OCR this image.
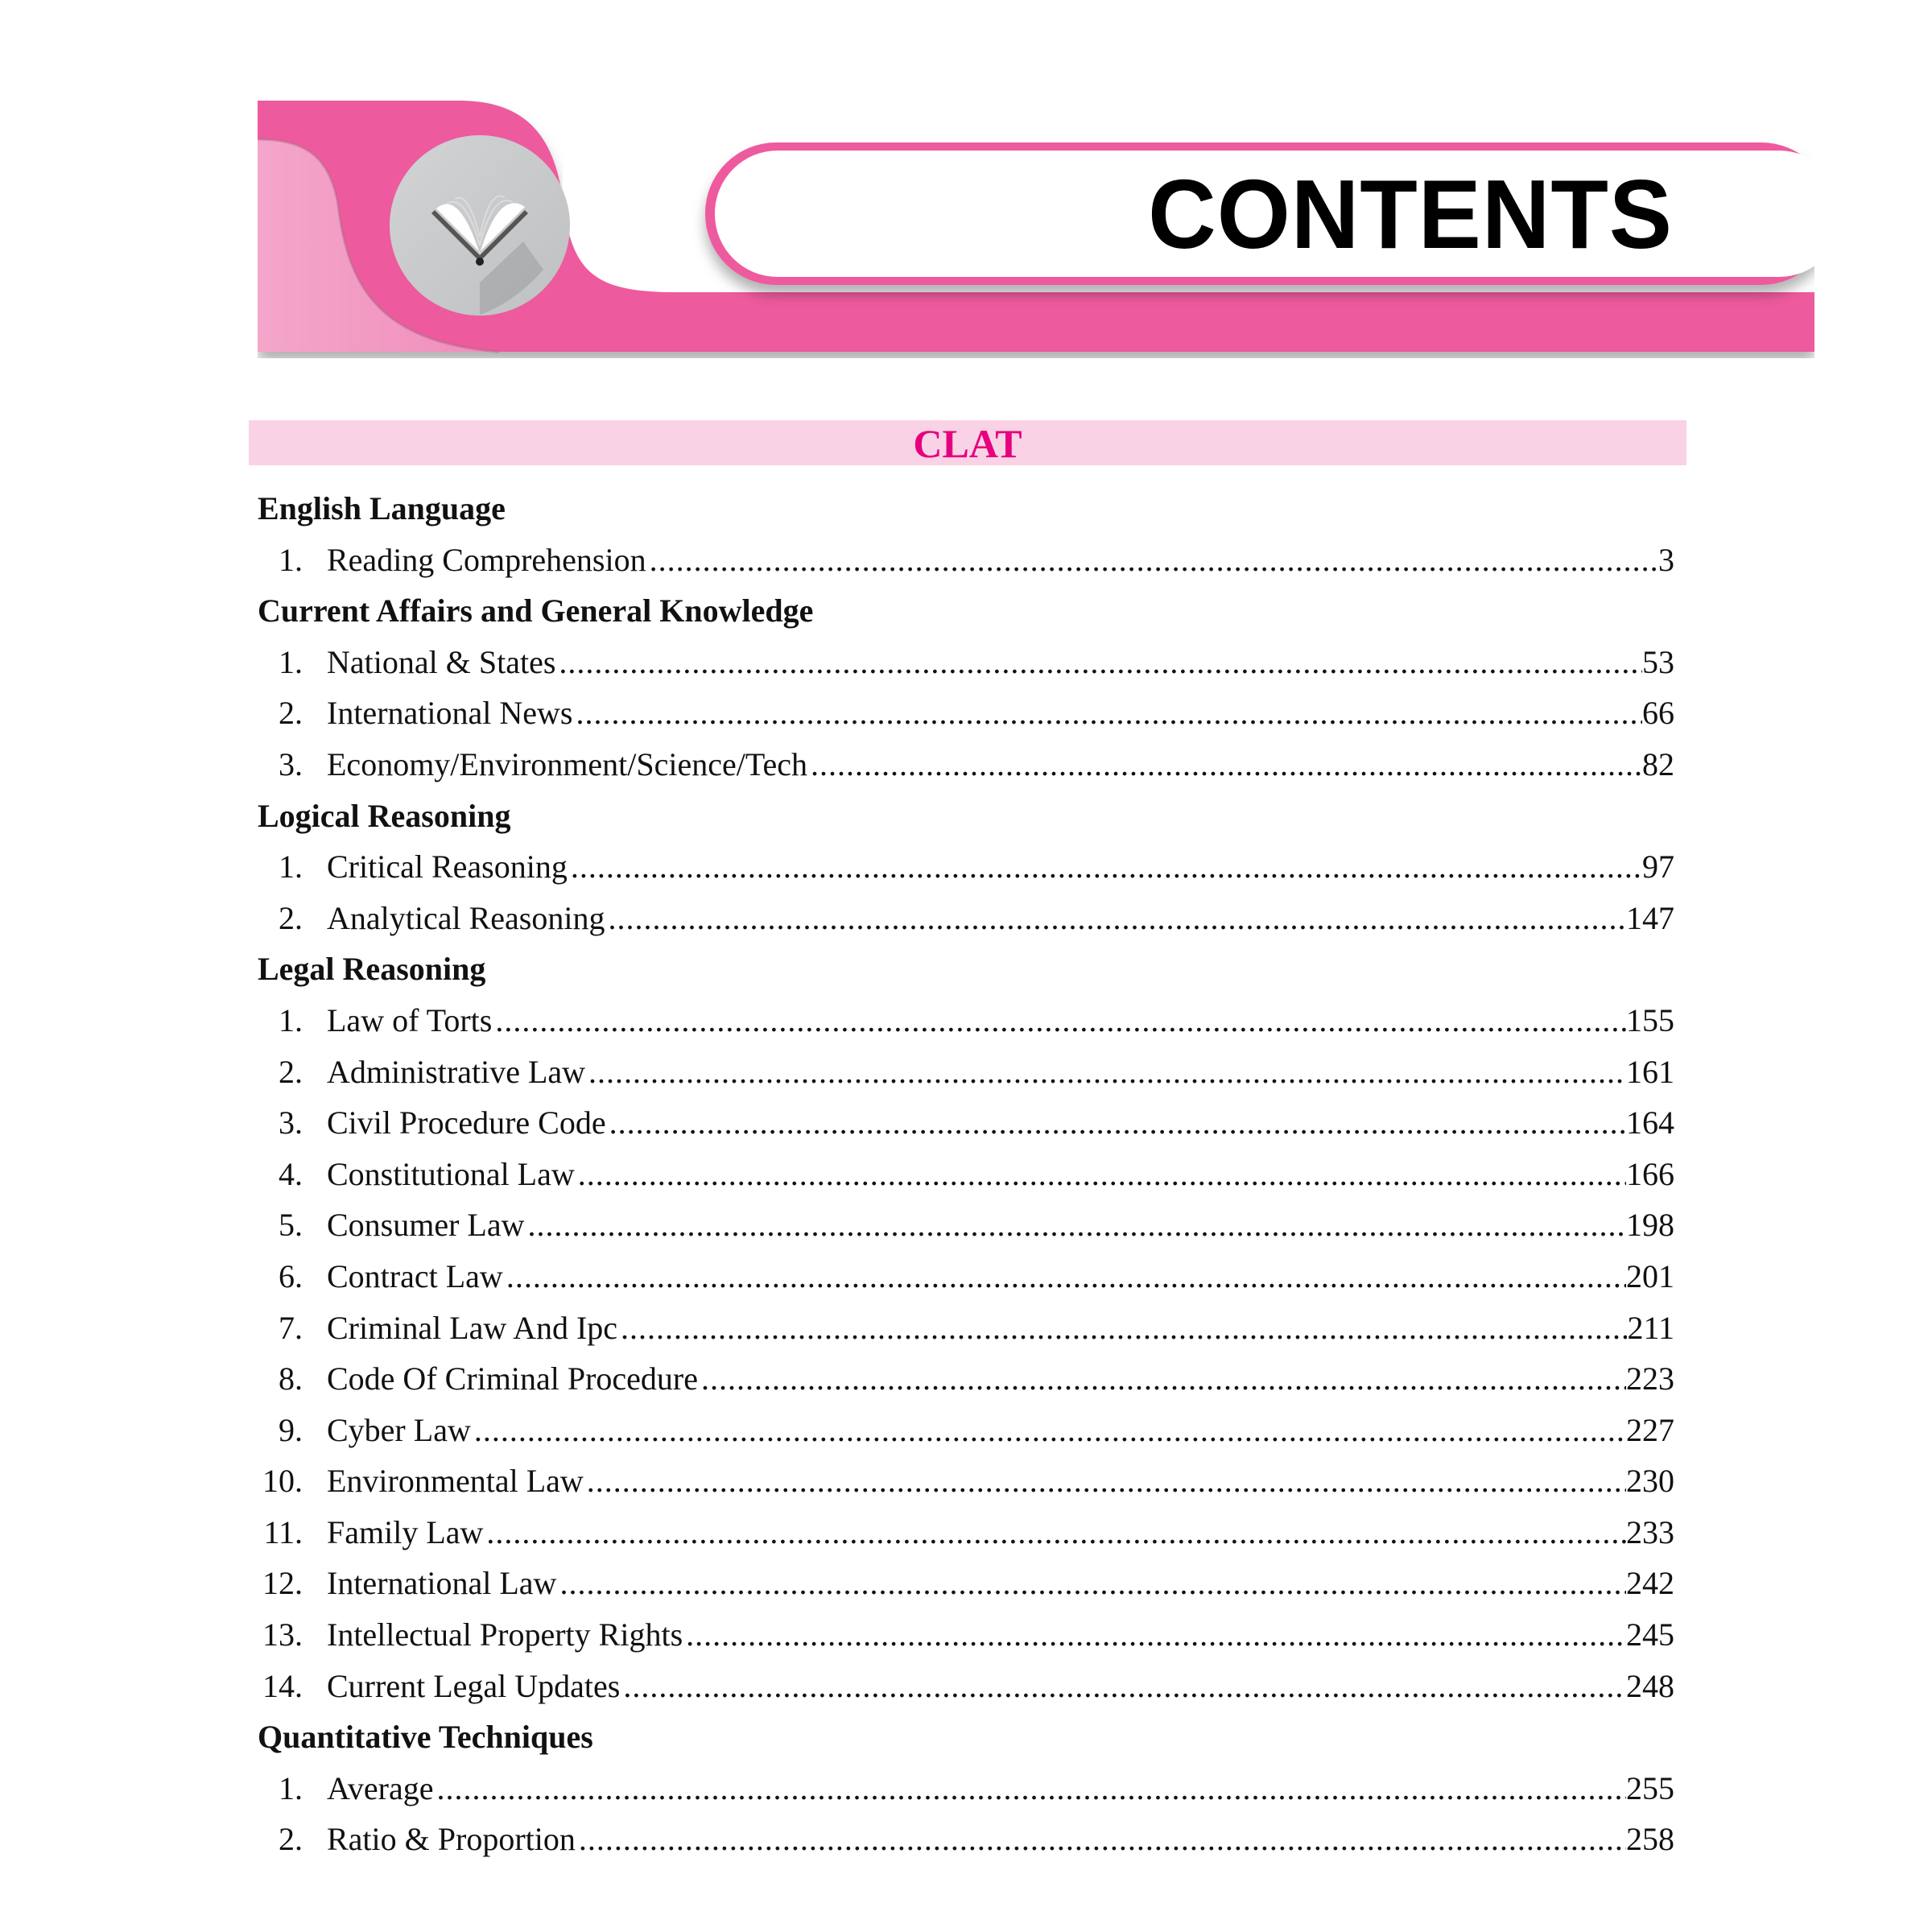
CONTENTS
CLAT
English Language
1. Reading Comprehension .....	3
Current Affairs and General Knowledge
1. National & States .....	53
2. International News .....	66
3. Economy/Environment/Science/Tech .....	82
Logical Reasoning
1. Critical Reasoning .....	97
2. Analytical Reasoning .....	147
Legal Reasoning
1. Law of Torts .....	155
2. Administrative Law .....	161
3. Civil Procedure Code .....	164
4. Constitutional Law .....	166
5. Consumer Law .....	198
6. Contract Law .....	201
7. Criminal Law And Ipc .....	211
8. Code Of Criminal Procedure .....	223
9. Cyber Law .....	227
10. Environmental Law .....	230
11. Family Law .....	233
12. International Law .....	242
13. Intellectual Property Rights .....	245
14. Current Legal Updates .....	248
Quantitative Techniques
1. Average .....	255
2. Ratio & Proportion .....	258
